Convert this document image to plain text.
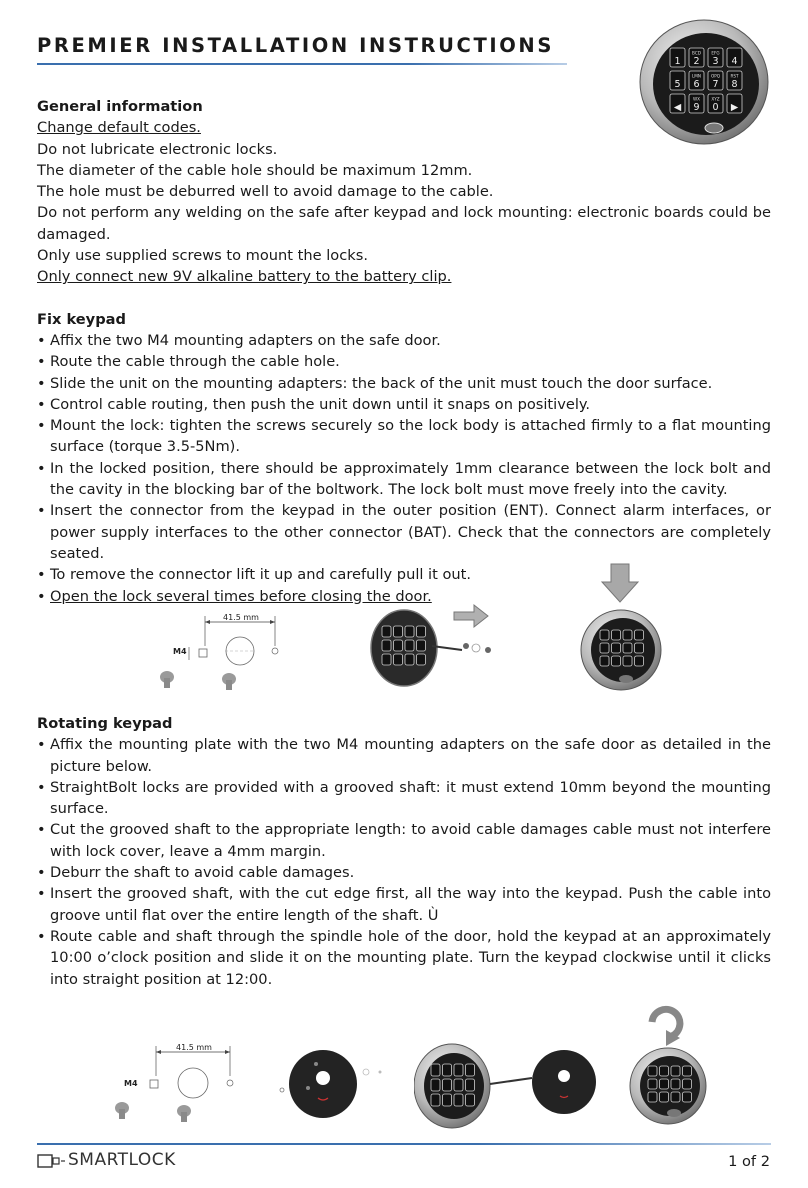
PREMIER INSTALLATION INSTRUCTIONS
1
BCD
2
EFG
3 4
5
LMN
6
OPQ
7
RST
8
◀
WX
9
XYZ
0 ▶
General information

Change default codes.

Do not lubricate electronic locks.

The diameter of the cable hole should be maximum 12mm.

The hole must be deburred well to avoid damage to the cable.

Do not perform any welding on the safe after keypad and lock mounting: electronic boards could be damaged.

Only use supplied screws to mount the locks.

Only connect new 9V alkaline battery to the battery clip.

Fix keypad
• Affix the two M4 mounting adapters on the safe door.
• Route the cable through the cable hole.
• Slide the unit on the mounting adapters: the back of the unit must touch the door surface.
• Control cable routing, then push the unit down until it snaps on positively.
• Mount the lock: tighten the screws securely so the lock body is attached firmly to a flat mounting surface (torque 3.5-5Nm).
• In the locked position, there should be approximately 1mm clearance between the lock bolt and the cavity in the blocking bar of the boltwork. The lock bolt must move freely into the cavity.
• Insert the connector from the keypad in the outer position (ENT). Connect alarm interfaces, or power supply interfaces to the other connector (BAT). Check that the connectors are completely seated.
• To remove the connector lift it up and carefully pull it out.
• Open the lock several times before closing the door.
41.5 mm
M4
Rotating keypad
• Affix the mounting plate with the two M4 mounting adapters on the safe door as detailed in the picture below.
• StraightBolt locks are provided with a grooved shaft: it must extend 10mm beyond the mounting surface.
• Cut the grooved shaft to the appropriate length: to avoid cable damages cable must not interfere with lock cover, leave a 4mm margin.
• Deburr the shaft to avoid cable damages.
• Insert the grooved shaft, with the cut edge first, all the way into the keypad. Push the cable into groove until flat over the entire length of the shaft. Ù
• Route cable and shaft through the spindle hole of the door, hold the keypad at an approximately 10:00 o’clock position and slide it on the mounting plate. Turn the keypad clockwise until it clicks into straight position at 12:00.
41.5 mm
M4
SMARTLOCK	1 of 2
